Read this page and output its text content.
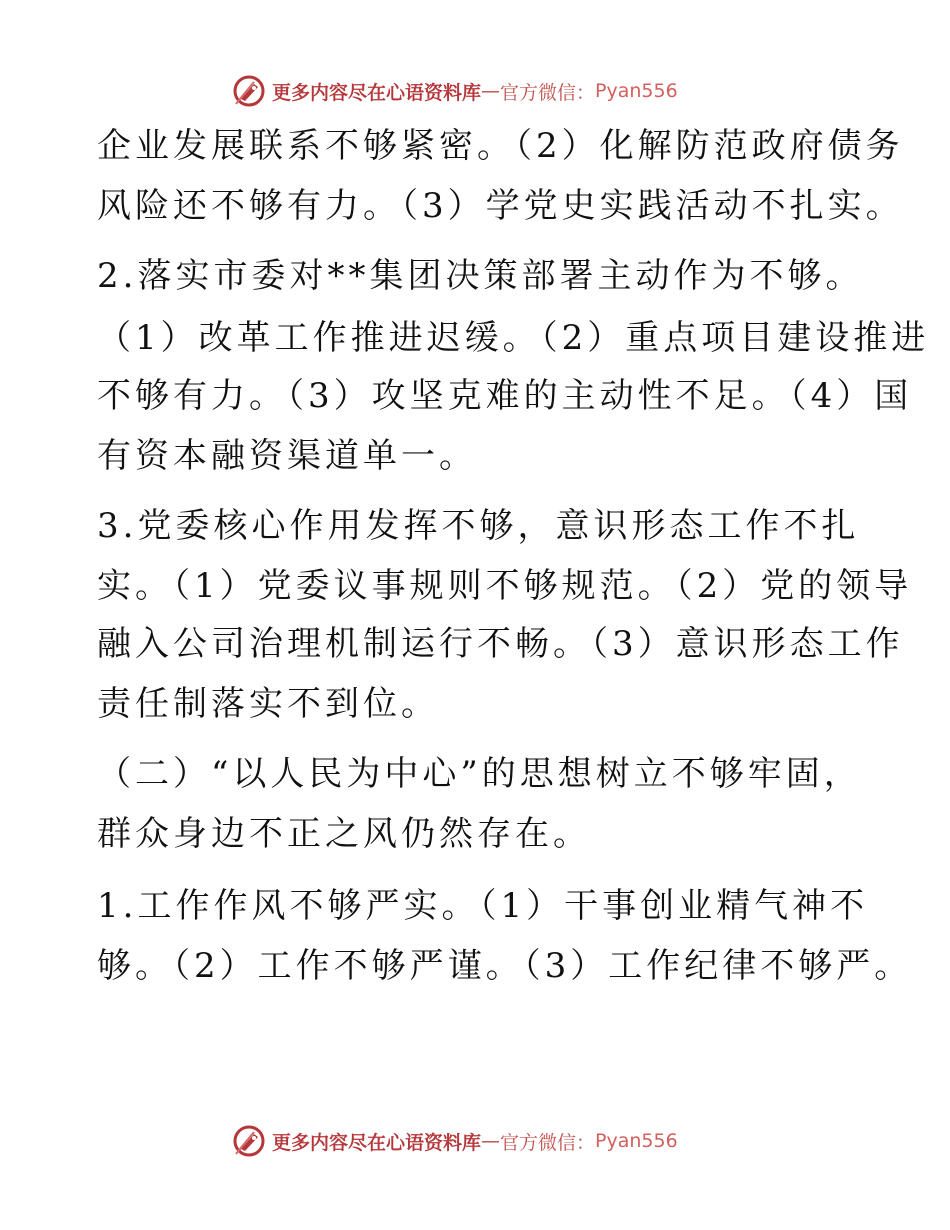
更多内容尽在心语资料库 — 官方微信： Pyan556
企业发展联系不够紧密。（2）化解防范政府债务
风险还不够有力。（3）学党史实践活动不扎实。
2.落实市委对**集团决策部署主动作为不够。
（1）改革工作推进迟缓。（2）重点项目建设推进
不够有力。（3）攻坚克难的主动性不足。（4）国
有资本融资渠道单一。
3.党委核心作用发挥不够，意识形态工作不扎
实。（1）党委议事规则不够规范。（2）党的领导
融入公司治理机制运行不畅。（3）意识形态工作
责任制落实不到位。
（二）“以人民为中心”的思想树立不够牢固，
群众身边不正之风仍然存在。
1.工作作风不够严实。（1）干事创业精气神不
够。（2）工作不够严谨。（3）工作纪律不够严。
更多内容尽在心语资料库 — 官方微信： Pyan556
